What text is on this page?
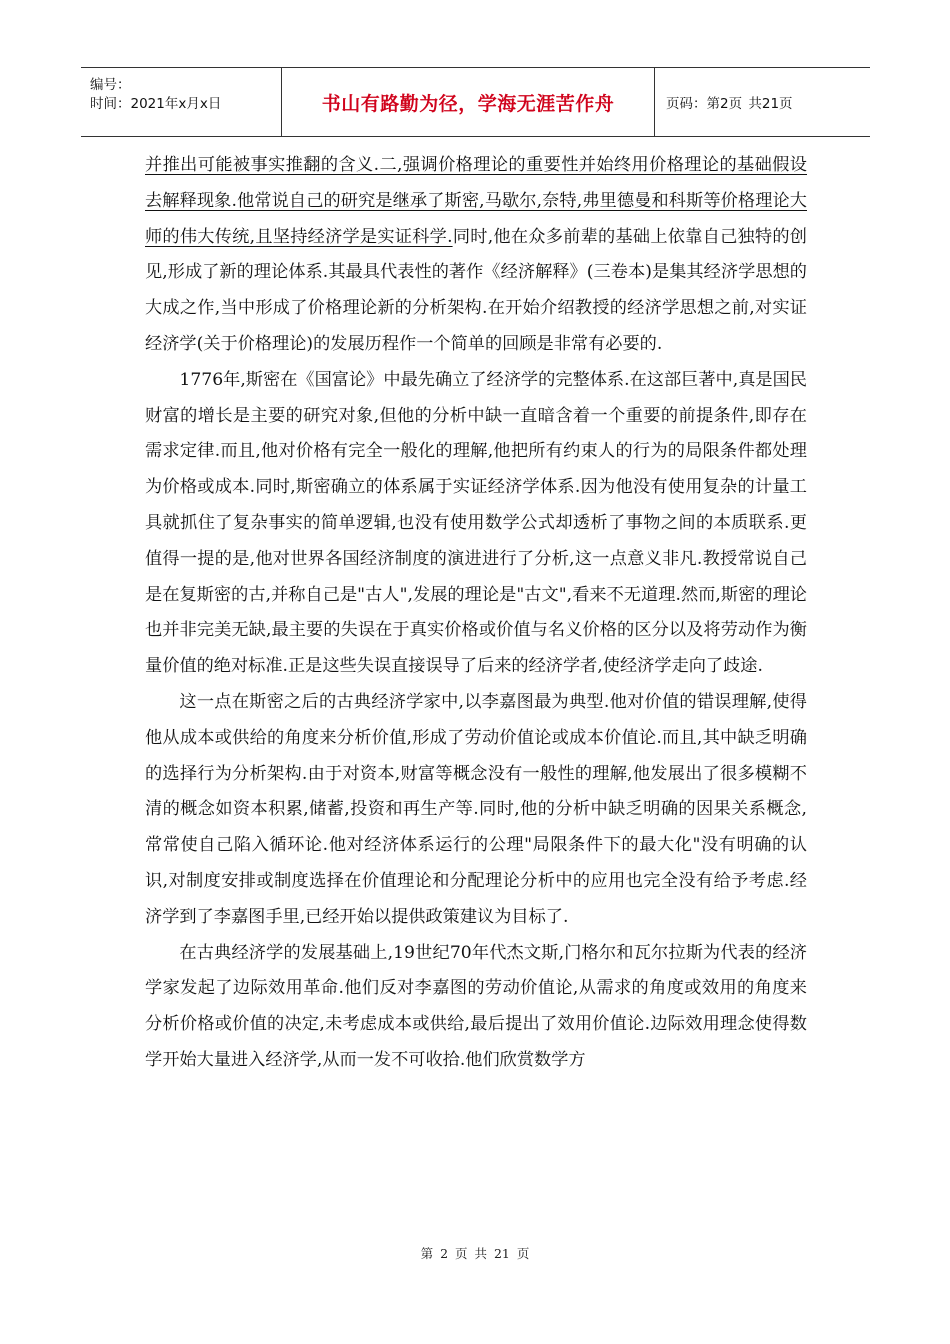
编号：
时间：2021年x月x日	书山有路勤为径，学海无涯苦作舟	页码：第2页 共21页

并推出可能被事实推翻的含义.二,强调价格理论的重要性并始终用价格理论的基础假设去解释现象.他常说自己的研究是继承了斯密,马歇尔,奈特,弗里德曼和科斯等价格理论大师的伟大传统,且坚持经济学是实证科学.同时,他在众多前辈的基础上依靠自己独特的创见,形成了新的理论体系.其最具代表性的著作《经济解释》(三卷本)是集其经济学思想的大成之作,当中形成了价格理论新的分析架构.在开始介绍教授的经济学思想之前,对实证经济学(关于价格理论)的发展历程作一个简单的回顾是非常有必要的.

1776年,斯密在《国富论》中最先确立了经济学的完整体系.在这部巨著中,真是国民财富的增长是主要的研究对象,但他的分析中缺一直暗含着一个重要的前提条件,即存在需求定律.而且,他对价格有完全一般化的理解,他把所有约束人的行为的局限条件都处理为价格或成本.同时,斯密确立的体系属于实证经济学体系.因为他没有使用复杂的计量工具就抓住了复杂事实的简单逻辑,也没有使用数学公式却透析了事物之间的本质联系.更值得一提的是,他对世界各国经济制度的演进进行了分析,这一点意义非凡.教授常说自己是在复斯密的古,并称自己是"古人",发展的理论是"古文",看来不无道理.然而,斯密的理论也并非完美无缺,最主要的失误在于真实价格或价值与名义价格的区分以及将劳动作为衡量价值的绝对标准.正是这些失误直接误导了后来的经济学者,使经济学走向了歧途.

这一点在斯密之后的古典经济学家中,以李嘉图最为典型.他对价值的错误理解,使得他从成本或供给的角度来分析价值,形成了劳动价值论或成本价值论.而且,其中缺乏明确的选择行为分析架构.由于对资本,财富等概念没有一般性的理解,他发展出了很多模糊不清的概念如资本积累,储蓄,投资和再生产等.同时,他的分析中缺乏明确的因果关系概念,常常使自己陷入循环论.他对经济体系运行的公理"局限条件下的最大化"没有明确的认识,对制度安排或制度选择在价值理论和分配理论分析中的应用也完全没有给予考虑.经济学到了李嘉图手里,已经开始以提供政策建议为目标了.

在古典经济学的发展基础上,19世纪70年代杰文斯,门格尔和瓦尔拉斯为代表的经济学家发起了边际效用革命.他们反对李嘉图的劳动价值论,从需求的角度或效用的角度来分析价格或价值的决定,未考虑成本或供给,最后提出了效用价值论.边际效用理念使得数学开始大量进入经济学,从而一发不可收拾.他们欣赏数学方

第 2 页 共 21 页
